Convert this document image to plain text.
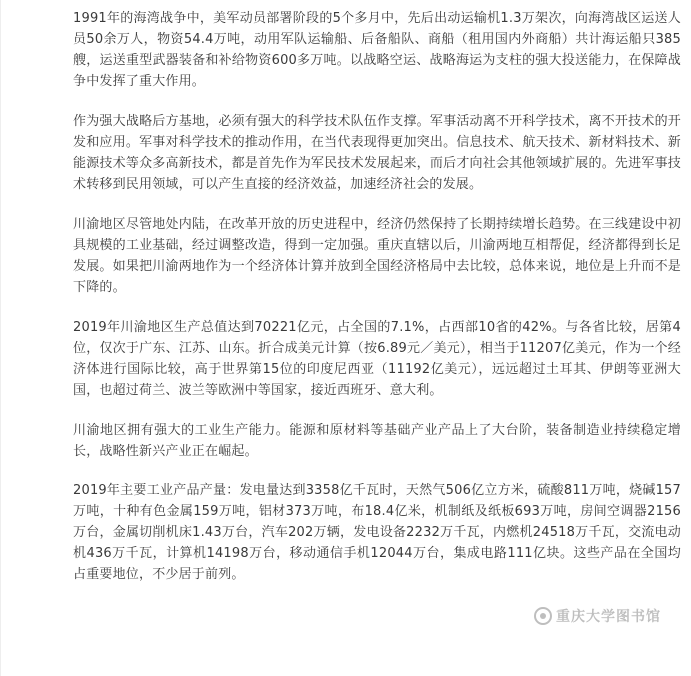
1991年的海湾战争中，美军动员部署阶段的5个多月中，先后出动运输机1.3万架次，向海湾战区运送人员50余万人，物资54.4万吨，动用军队运输船、后备船队、商船（租用国内外商船）共计海运船只385艘，运送重型武器装备和补给物资600多万吨。以战略空运、战略海运为支柱的强大投送能力，在保障战争中发挥了重大作用。

作为强大战略后方基地，必须有强大的科学技术队伍作支撑。军事活动离不开科学技术，离不开技术的开发和应用。军事对科学技术的推动作用，在当代表现得更加突出。信息技术、航天技术、新材料技术、新能源技术等众多高新技术，都是首先作为军民技术发展起来，而后才向社会其他领域扩展的。先进军事技术转移到民用领域，可以产生直接的经济效益，加速经济社会的发展。

川渝地区尽管地处内陆，在改革开放的历史进程中，经济仍然保持了长期持续增长趋势。在三线建设中初具规模的工业基础，经过调整改造，得到一定加强。重庆直辖以后，川渝两地互相帮促，经济都得到长足发展。如果把川渝两地作为一个经济体计算并放到全国经济格局中去比较，总体来说，地位是上升而不是下降的。

2019年川渝地区生产总值达到70221亿元，占全国的7.1%，占西部10省的42%。与各省比较，居第4位，仅次于广东、江苏、山东。折合成美元计算（按6.89元／美元），相当于11207亿美元，作为一个经济体进行国际比较，高于世界第15位的印度尼西亚（11192亿美元），远远超过土耳其、伊朗等亚洲大国，也超过荷兰、波兰等欧洲中等国家，接近西班牙、意大利。

川渝地区拥有强大的工业生产能力。能源和原材料等基础产业产品上了大台阶，装备制造业持续稳定增长，战略性新兴产业正在崛起。

2019年主要工业产品产量：发电量达到3358亿千瓦时，天然气506亿立方米，硫酸811万吨，烧碱157万吨，十种有色金属159万吨，铝材373万吨，布18.4亿米，机制纸及纸板693万吨，房间空调器2156万台，金属切削机床1.43万台，汽车202万辆，发电设备2232万千瓦，内燃机24518万千瓦，交流电动机436万千瓦，计算机14198万台，移动通信手机12044万台，集成电路111亿块。这些产品在全国均占重要地位，不少居于前列。

重庆大学图书馆
